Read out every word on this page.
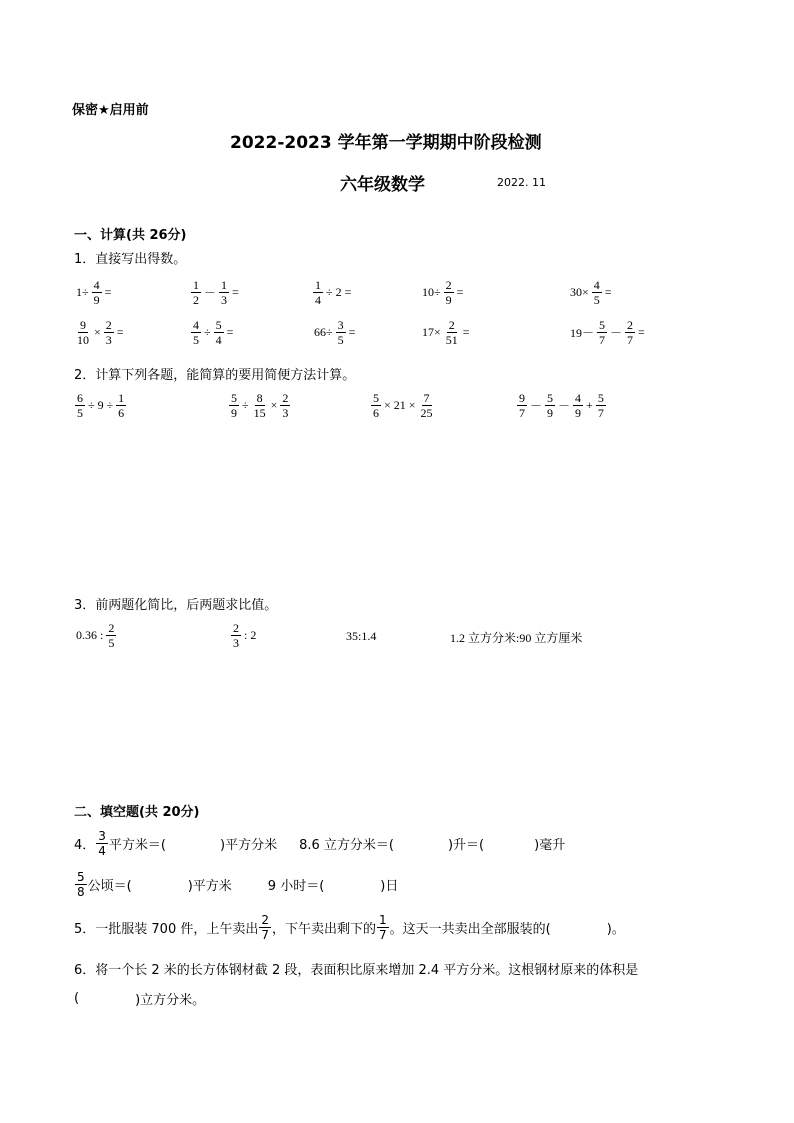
保密★启用前
2022-2023 学年第一学期期中阶段检测
六年级数学	2022. 11
一、计算(共 26分)
1．直接写出得数。
$1\div \frac{4}{9}$ =	$\frac{1}{2} - \frac{1}{3}$ =	$\frac{1}{4} \div 2$ =	$10\div \frac{2}{9}$ =	$30\times \frac{4}{5}$ =
$\frac{9}{10} \times \frac{2}{3}$ =	$\frac{4}{5} \div \frac{5}{4}$ =	$66\div \frac{3}{5}$ =	$17\times \frac{2}{51}$ =	$19- \frac{5}{7} - \frac{2}{7}$ =
2．计算下列各题，能简算的要用简便方法计算。
$\frac{6}{5} \div 9 \div \frac{1}{6}$	$\frac{5}{9} \div \frac{8}{15} \times \frac{2}{3}$	$\frac{5}{6} \times 21 \times \frac{7}{25}$	$\frac{9}{7} - \frac{5}{9} - \frac{4}{9} + \frac{5}{7}$
3．前两题化简比，后两题求比值。
0.36 : $\frac{2}{5}$	$\frac{2}{3}$ : 2	35:1.4	1.2 立方分米:90 立方厘米
二、填空题(共 20分)
4． $\frac{3}{4}$ 平方米＝(	)平方分米 8.6 立方分米＝(	)升＝(	)毫升
$\frac{5}{8}$ 公顷＝(	)平方米	9 小时＝(	)日
5．一批服装 700 件，上午卖出 $\frac{2}{7}$ ，下午卖出剩下的 $\frac{1}{7}$ 。这天一共卖出全部服装的(	)。
6．将一个长 2 米的长方体钢材截 2 段，表面积比原来增加 2.4 平方分米。这根钢材原来的体积是
(	)立方分米。
